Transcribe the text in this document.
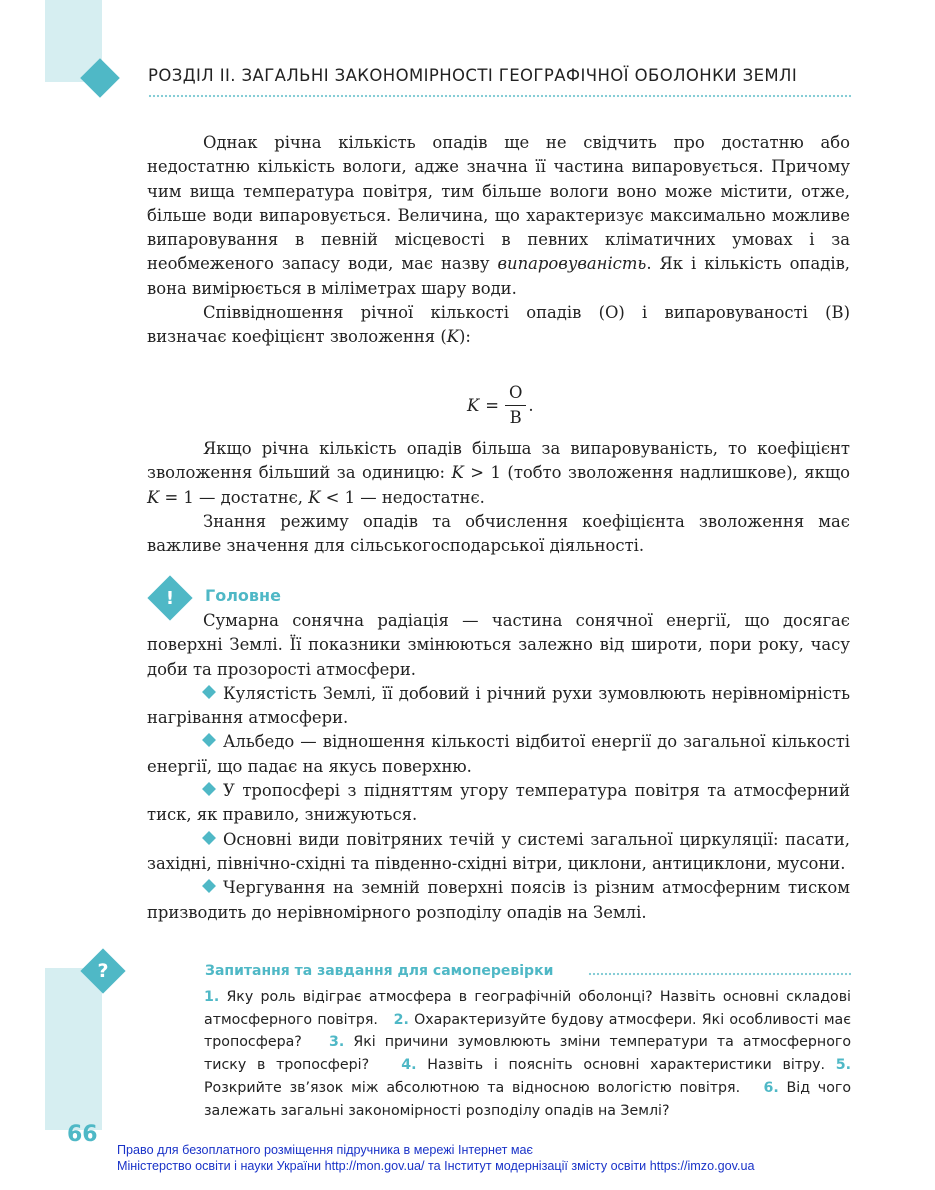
РОЗДІЛ ІІ. ЗАГАЛЬНІ ЗАКОНОМІРНОСТІ ГЕОГРАФІЧНОЇ ОБОЛОНКИ ЗЕМЛІ

Однак річна кількість опадів ще не свідчить про достатню або недостатню кількість вологи, адже значна її частина випаровується. Причому чим вища температура повітря, тим більше вологи воно може містити, отже, більше води випаровується. Величина, що характеризує максимально можливе випаровування в певній місцевості в певних кліматичних умовах і за необмеженого запасу води, має назву випаровуваність. Як і кількість опадів, вона вимірюється в міліметрах шару води.

Співвідношення річної кількості опадів (О) і випаровуваності (В) визначає коефіцієнт зволоження (K):

$K = \frac{О}{В}$ .

Якщо річна кількість опадів більша за випаровуваність, то коефіцієнт зволоження більший за одиницю: K > 1 (тобто зволоження надлишкове), якщо K = 1 — достатнє, K < 1 — недостатнє.

Знання режиму опадів та обчислення коефіцієнта зволоження має важливе значення для сільськогосподарської діяльності.

!	Головне

Сумарна сонячна радіація — частина сонячної енергії, що досягає поверхні Землі. Її показники змінюються залежно від широти, пори року, часу доби та прозорості атмосфери.

Кулястість Землі, її добовий і річний рухи зумовлюють нерівномірність нагрівання атмосфери.

Альбедо — відношення кількості відбитої енергії до загальної кількості енергії, що падає на якусь поверхню.

У тропосфері з підняттям угору температура повітря та атмосферний тиск, як правило, знижуються.

Основні види повітряних течій у системі загальної циркуляції: пасати, західні, північно-східні та південно-східні вітри, циклони, антициклони, мусони.

Чергування на земній поверхні поясів із різним атмосферним тиском призводить до нерівномірного розподілу опадів на Землі.

?	Запитання та завдання для самоперевірки
1. Яку роль відіграє атмосфера в географічній оболонці? Назвіть основні складові атмосферного повітря. 2. Охарактеризуйте будову атмосфери. Які особливості має тропосфера? 3. Які причини зумовлюють зміни температури та атмосферного тиску в тропосфері? 4. Назвіть і поясніть основні характеристики вітру. 5. Розкрийте зв’язок між абсолютною та відносною вологістю повітря. 6. Від чого залежать загальні закономірності розподілу опадів на Землі?
66
Право для безоплатного розміщення підручника в мережі Інтернет має
Міністерство освіти і науки України http://mon.gov.ua/ та Інститут модернізації змісту освіти https://imzo.gov.ua
